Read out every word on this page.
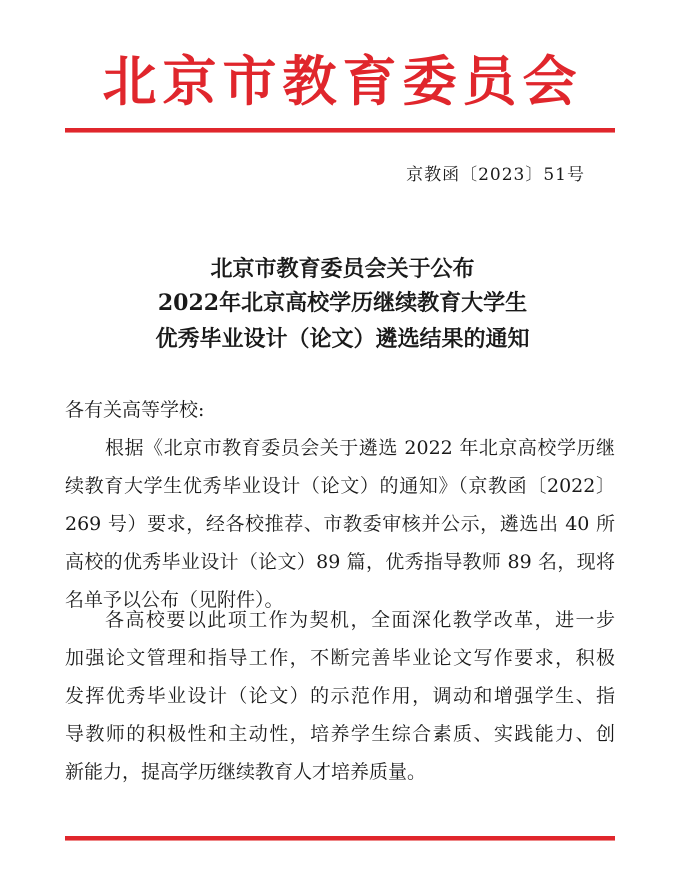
北京市教育委员会
京教函〔2023〕51号
北京市教育委员会关于公布
2022年北京高校学历继续教育大学生
优秀毕业设计（论文）遴选结果的通知
各有关高等学校:
根据《北京市教育委员会关于遴选 2022 年北京高校学历继
续教育大学生优秀毕业设计（论文）的通知》（京教函〔2022〕
269 号）要求，经各校推荐、市教委审核并公示，遴选出 40 所
高校的优秀毕业设计（论文）89 篇，优秀指导教师 89 名，现将
名单予以公布（见附件）。
各高校要以此项工作为契机，全面深化教学改革，进一步
加强论文管理和指导工作，不断完善毕业论文写作要求，积极
发挥优秀毕业设计（论文）的示范作用，调动和增强学生、指
导教师的积极性和主动性，培养学生综合素质、实践能力、创
新能力，提高学历继续教育人才培养质量。
